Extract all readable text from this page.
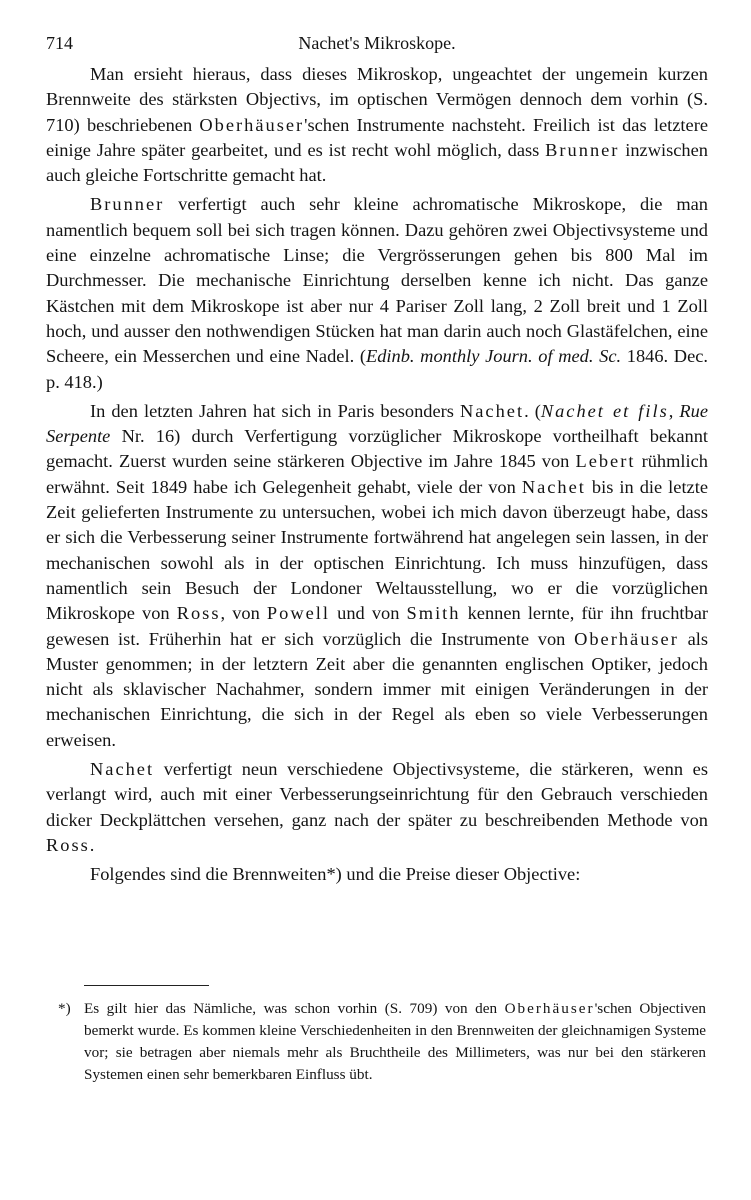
714	Nachet's Mikroskope.

Man ersieht hieraus, dass dieses Mikroskop, ungeachtet der ungemein kurzen Brennweite des stärksten Objectivs, im optischen Vermögen dennoch dem vorhin (S. 710) beschriebenen Oberhäuser'schen Instrumente nachsteht. Freilich ist das letztere einige Jahre später gearbeitet, und es ist recht wohl möglich, dass Brunner inzwischen auch gleiche Fortschritte gemacht hat.

Brunner verfertigt auch sehr kleine achromatische Mikroskope, die man namentlich bequem soll bei sich tragen können. Dazu gehören zwei Objectivsysteme und eine einzelne achromatische Linse; die Vergrösserungen gehen bis 800 Mal im Durchmesser. Die mechanische Einrichtung derselben kenne ich nicht. Das ganze Kästchen mit dem Mikroskope ist aber nur 4 Pariser Zoll lang, 2 Zoll breit und 1 Zoll hoch, und ausser den nothwendigen Stücken hat man darin auch noch Glastäfelchen, eine Scheere, ein Messerchen und eine Nadel. (Edinb. monthly Journ. of med. Sc. 1846. Dec. p. 418.)

In den letzten Jahren hat sich in Paris besonders Nachet. (Nachet et fils, Rue Serpente Nr. 16) durch Verfertigung vorzüglicher Mikroskope vortheilhaft bekannt gemacht. Zuerst wurden seine stärkeren Objective im Jahre 1845 von Lebert rühmlich erwähnt. Seit 1849 habe ich Gelegenheit gehabt, viele der von Nachet bis in die letzte Zeit gelieferten Instrumente zu untersuchen, wobei ich mich davon überzeugt habe, dass er sich die Verbesserung seiner Instrumente fortwährend hat angelegen sein lassen, in der mechanischen sowohl als in der optischen Einrichtung. Ich muss hinzufügen, dass namentlich sein Besuch der Londoner Weltausstellung, wo er die vorzüglichen Mikroskope von Ross, von Powell und von Smith kennen lernte, für ihn fruchtbar gewesen ist. Früherhin hat er sich vorzüglich die Instrumente von Oberhäuser als Muster genommen; in der letztern Zeit aber die genannten englischen Optiker, jedoch nicht als sklavischer Nachahmer, sondern immer mit einigen Veränderungen in der mechanischen Einrichtung, die sich in der Regel als eben so viele Verbesserungen erweisen.

Nachet verfertigt neun verschiedene Objectivsysteme, die stärkeren, wenn es verlangt wird, auch mit einer Verbesserungseinrichtung für den Gebrauch verschieden dicker Deckplättchen versehen, ganz nach der später zu beschreibenden Methode von Ross.

Folgendes sind die Brennweiten*) und die Preise dieser Objective:

*) Es gilt hier das Nämliche, was schon vorhin (S. 709) von den Oberhäuser'schen Objectiven bemerkt wurde. Es kommen kleine Verschiedenheiten in den Brennweiten der gleichnamigen Systeme vor; sie betragen aber niemals mehr als Bruchtheile des Millimeters, was nur bei den stärkeren Systemen einen sehr bemerkbaren Einfluss übt.
